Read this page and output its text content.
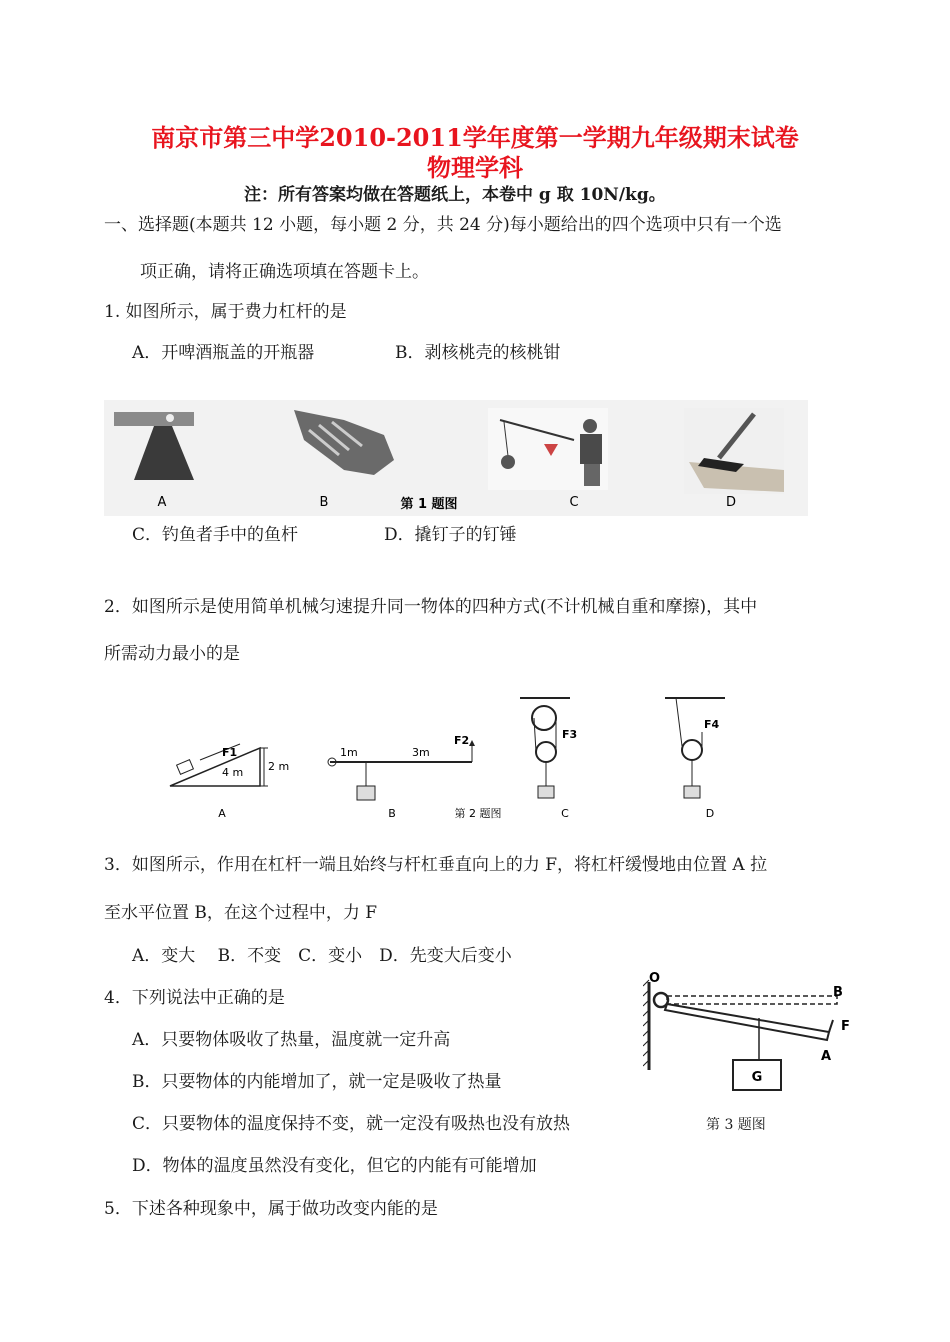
南京市第三中学2010-2011学年度第一学期九年级期末试卷
物理学科
注：所有答案均做在答题纸上，本卷中 g 取 10N/kg。
一、选择题(本题共 12 小题，每小题 2 分，共 24 分)每小题给出的四个选项中只有一个选
项正确，请将正确选项填在答题卡上。
1. 如图所示，属于费力杠杆的是
A．开啤酒瓶盖的开瓶器	B．剥核桃壳的核桃钳
A	B	第 1 题图	C	D
C．钓鱼者手中的鱼杆	D．撬钉子的钉锤
2．如图所示是使用简单机械匀速提升同一物体的四种方式(不计机械自重和摩擦)，其中
所需动力最小的是
F1
4 m 2 m
F2
1m	3m
F3
F4
A	B	第 2 题图	C	D
3．如图所示，作用在杠杆一端且始终与杆杠垂直向上的力 F，将杠杆缓慢地由位置 A 拉
至水平位置 B，在这个过程中，力 F
A．变大　 B．不变　C．变小　D．先变大后变小
O
B
A
F
G
第 3 题图
4．下列说法中正确的是
A．只要物体吸收了热量，温度就一定升高
B．只要物体的内能增加了，就一定是吸收了热量
C．只要物体的温度保持不变，就一定没有吸热也没有放热
D．物体的温度虽然没有变化，但它的内能有可能增加
5．下述各种现象中，属于做功改变内能的是
